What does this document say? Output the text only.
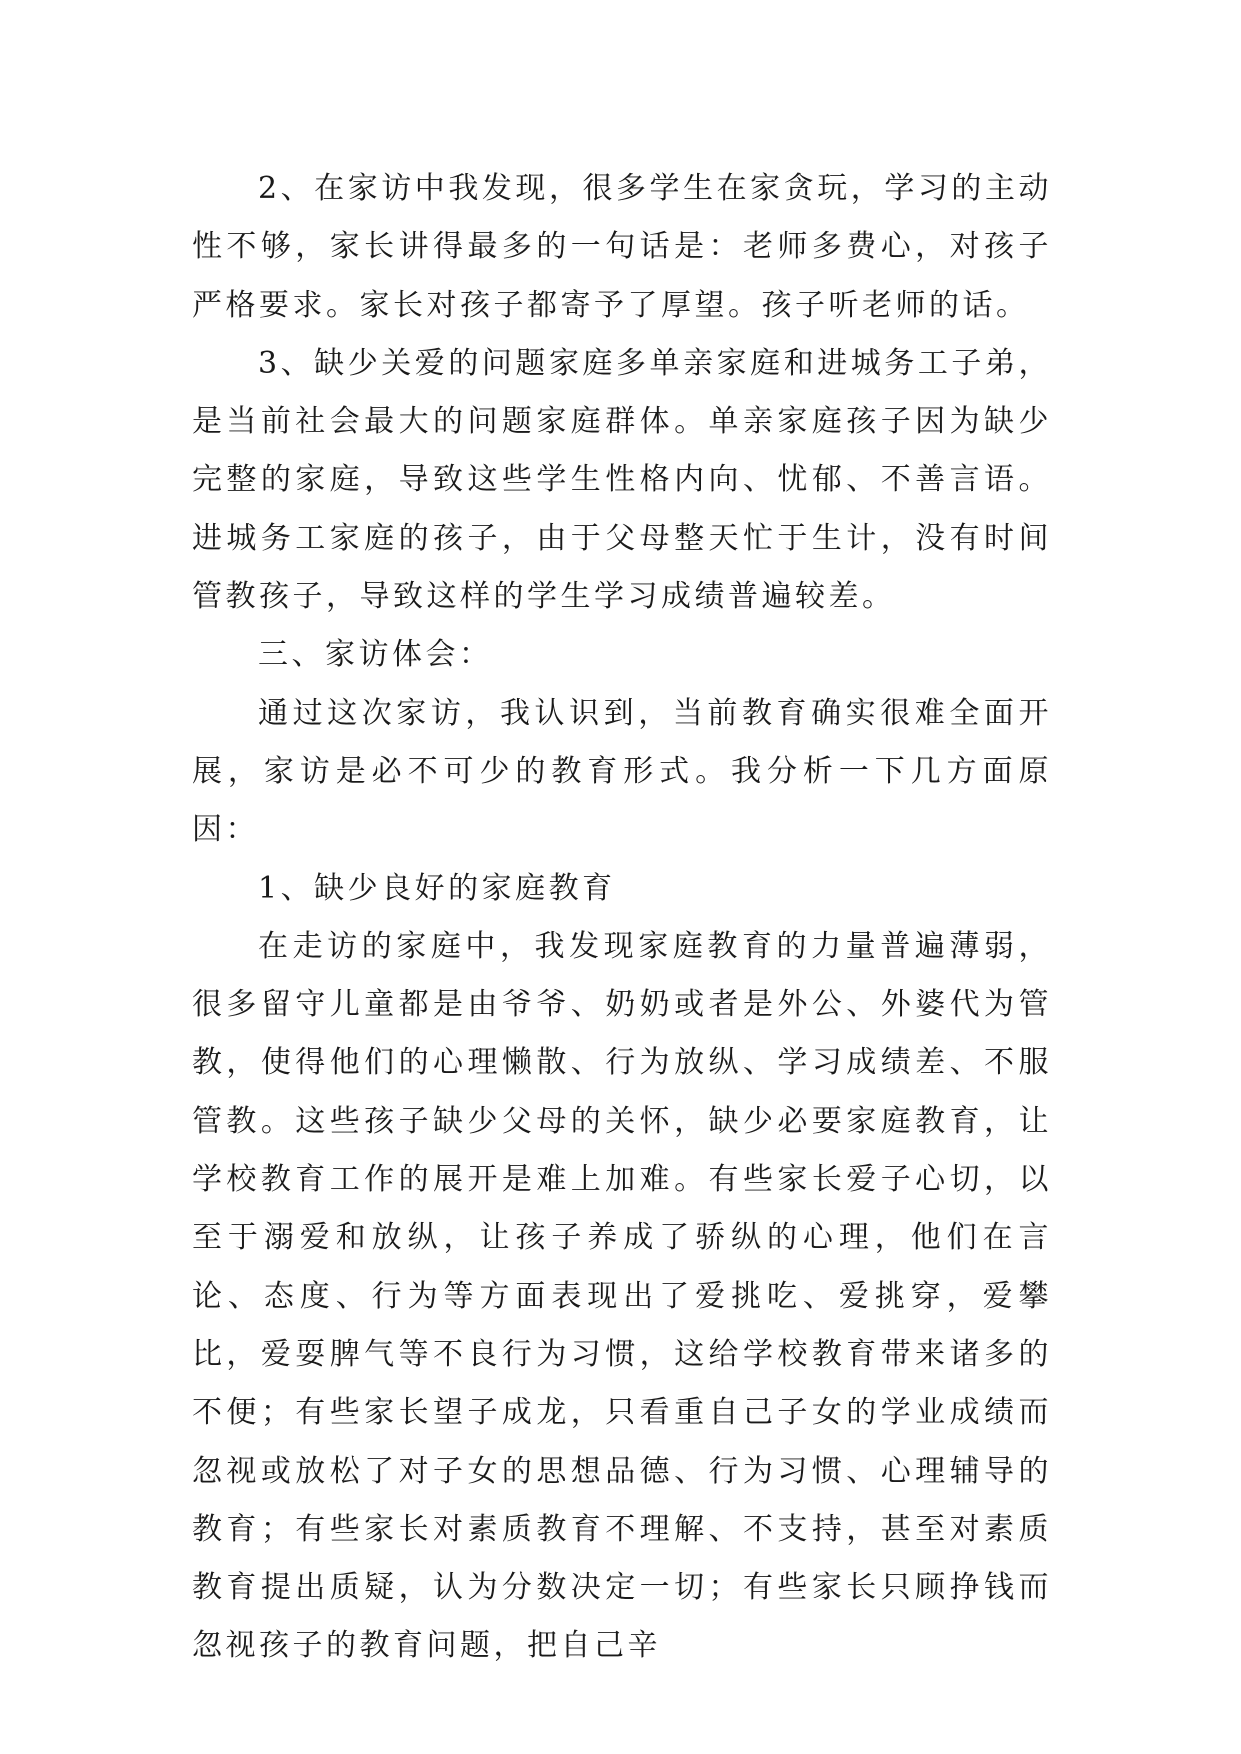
2、在家访中我发现，很多学生在家贪玩，学习的主动性不够，家长讲得最多的一句话是：老师多费心，对孩子严格要求。家长对孩子都寄予了厚望。孩子听老师的话。

3、缺少关爱的问题家庭多单亲家庭和进城务工子弟，是当前社会最大的问题家庭群体。单亲家庭孩子因为缺少完整的家庭，导致这些学生性格内向、忧郁、不善言语。进城务工家庭的孩子，由于父母整天忙于生计，没有时间管教孩子，导致这样的学生学习成绩普遍较差。

三、家访体会：

通过这次家访，我认识到，当前教育确实很难全面开展，家访是必不可少的教育形式。我分析一下几方面原因：

1、缺少良好的家庭教育

在走访的家庭中，我发现家庭教育的力量普遍薄弱，很多留守儿童都是由爷爷、奶奶或者是外公、外婆代为管教，使得他们的心理懒散、行为放纵、学习成绩差、不服管教。这些孩子缺少父母的关怀，缺少必要家庭教育，让学校教育工作的展开是难上加难。有些家长爱子心切，以至于溺爱和放纵，让孩子养成了骄纵的心理，他们在言论、态度、行为等方面表现出了爱挑吃、爱挑穿，爱攀比，爱耍脾气等不良行为习惯，这给学校教育带来诸多的不便；有些家长望子成龙，只看重自己子女的学业成绩而忽视或放松了对子女的思想品德、行为习惯、心理辅导的教育；有些家长对素质教育不理解、不支持，甚至对素质教育提出质疑，认为分数决定一切；有些家长只顾挣钱而忽视孩子的教育问题，把自己辛
